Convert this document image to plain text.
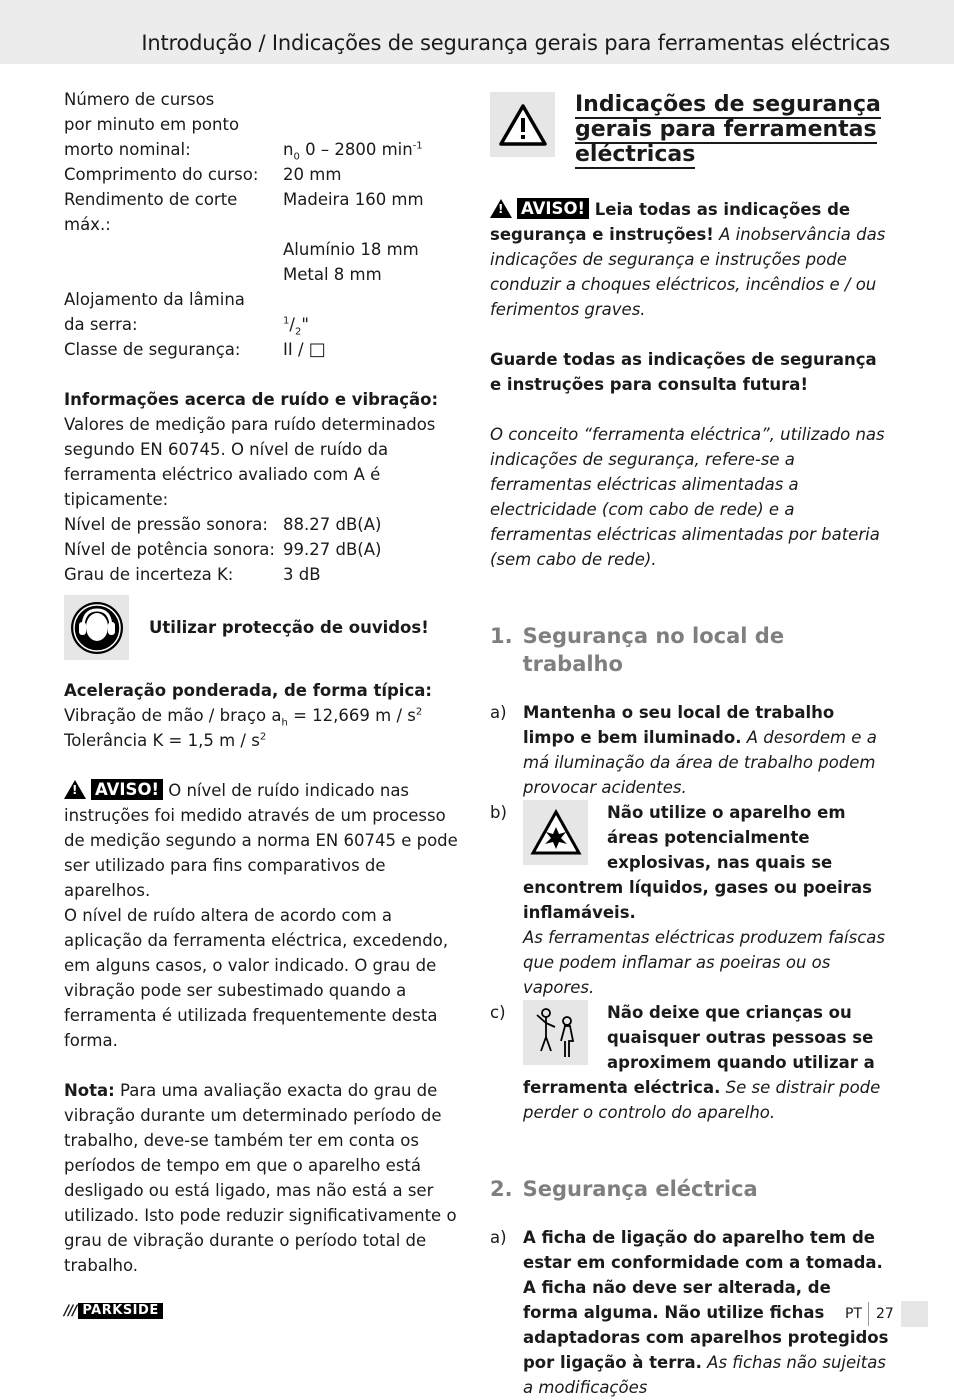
Introdução / Indicações de segurança gerais para ferramentas eléctricas
Número de cursos
por minuto em ponto
morto nominal:	$n_0$ 0 – 2800 $\min^{-1}$
Comprimento do curso:	20 mm
Rendimento de corte máx.:
Madeira 160 mm
Alumínio 18 mm
Metal 8 mm
Alojamento da lâmina
da serra:	$^1/_2$"
Classe de segurança:	II / □

Informações acerca de ruído e vibração:

Valores de medição para ruído determinados segundo EN 60745. O nível de ruído da ferramenta eléctrico avaliado com A é tipicamente:

Nível de pressão sonora: 88.27 dB(A)
Nível de potência sonora: 99.27 dB(A)
Grau de incerteza K:	3 dB
Utilizar protecção de ouvidos!

Aceleração ponderada, de forma típica:

Vibração de mão / braço $a_h = 12,669$ m / $s^2$

Tolerância K = 1,5 m / $s^2$

!
AVISO! O nível de ruído indicado nas instruções foi medido através de um processo de medição segundo a norma EN 60745 e pode ser utilizado para fins comparativos de aparelhos.

O nível de ruído altera de acordo com a aplicação da ferramenta eléctrica, excedendo, em alguns casos, o valor indicado. O grau de vibração pode ser subestimado quando a ferramenta é utilizada frequentemente desta forma.

Nota: Para uma avaliação exacta do grau de vibração durante um determinado período de trabalho, deve-se também ter em conta os períodos de tempo em que o aparelho está desligado ou está ligado, mas não está a ser utilizado. Isto pode reduzir significativamente o grau de vibração durante o período total de trabalho.

Indicações de segurança gerais para ferramentas eléctricas

!
AVISO! Leia todas as indicações de segurança e instruções! A inobservância das indicações de segurança e instruções pode conduzir a choques eléctricos, incêndios e / ou ferimentos graves.

Guarde todas as indicações de segurança e instruções para consulta futura!

O conceito “ferramenta eléctrica”, utilizado nas indicações de segurança, refere-se a ferramentas eléctricas alimentadas a electricidade (com cabo de rede) e a ferramentas eléctricas alimentadas por bateria (sem cabo de rede).

1. Segurança no local de trabalho
a) Mantenha o seu local de trabalho limpo e bem iluminado. A desordem e a má iluminação da área de trabalho podem provocar acidentes.
b)	Não utilize o aparelho em áreas potencialmente explosivas, nas quais se encontrem líquidos, gases ou poeiras inflamáveis.
As ferramentas eléctricas produzem faíscas que podem inflamar as poeiras ou os vapores.
c)	Não deixe que crianças ou quaisquer outras pessoas se aproximem quando utilizar a ferramenta eléctrica. Se se distrair pode perder o controlo do aparelho.
2. Segurança eléctrica
a) A ficha de ligação do aparelho tem de estar em conformidade com a tomada. A ficha não deve ser alterada, de forma alguma. Não utilize fichas adaptadoras com aparelhos protegidos por ligação à terra. As fichas não sujeitas a modificações
/// PARKSIDE	PT 27
